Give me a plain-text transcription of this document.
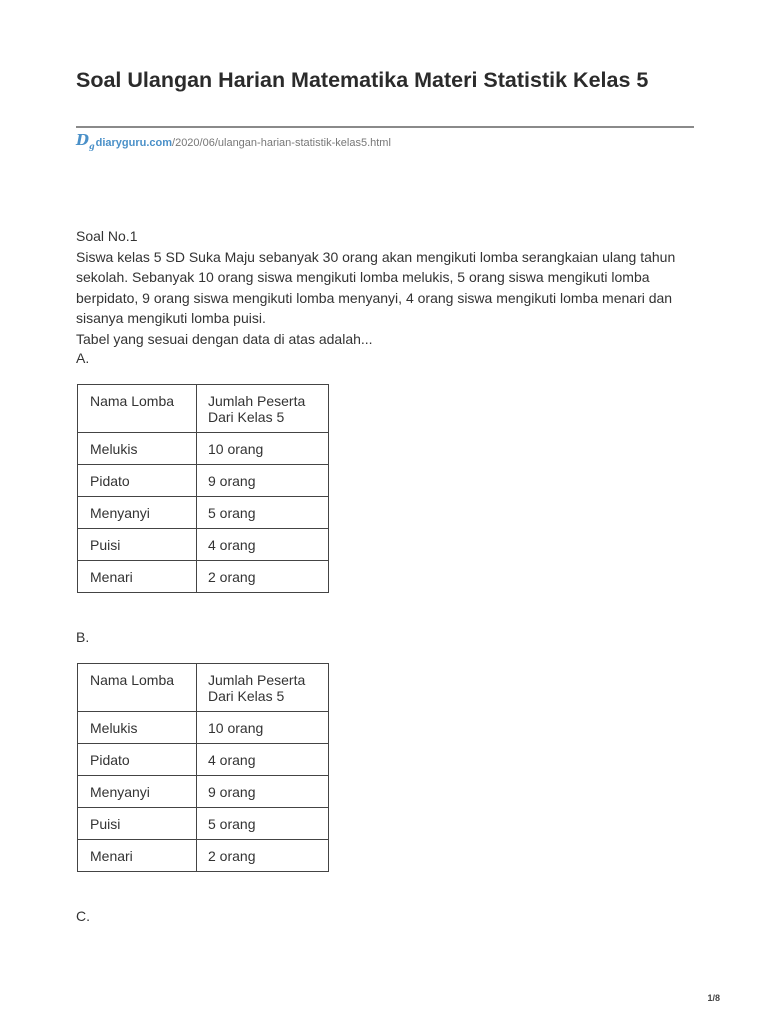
Soal Ulangan Harian Matematika Materi Statistik Kelas 5
$D_g$ diaryguru.com /2020/06/ulangan-harian-statistik-kelas5.html

Soal No.1

Siswa kelas 5 SD Suka Maju sebanyak 30 orang akan mengikuti lomba serangkaian ulang tahun sekolah. Sebanyak 10 orang siswa mengikuti lomba melukis, 5 orang siswa mengikuti lomba berpidato, 9 orang siswa mengikuti lomba menyanyi, 4 orang siswa mengikuti lomba menari dan sisanya mengikuti lomba puisi.

Tabel yang sesuai dengan data di atas adalah...

A.
Nama Lomba	Jumlah Peserta Dari Kelas 5
Melukis	10 orang
Pidato	9 orang
Menyanyi	5 orang
Puisi	4 orang
Menari	2 orang
B.
Nama Lomba	Jumlah Peserta Dari Kelas 5
Melukis	10 orang
Pidato	4 orang
Menyanyi	9 orang
Puisi	5 orang
Menari	2 orang
C.
1/8
